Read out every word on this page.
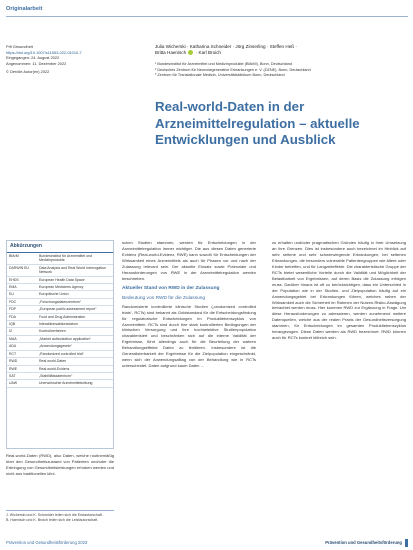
Originalarbeit
Prfl Gesundheit
https://doi.org/10.1007/s11553-022-01010-7
Eingegangen: 24. August 2022
Angenommen: 11. Dezember 2022
© Der/die Autor(en) 2022
Julia Wicherski · Katharina Schneider · Jörg Zinserling · Steffen Heß ·
Britta Haenisch · Karl Broich
¹ Bundesinstitut für Arzneimittel und Medizinprodukte (BfArM), Bonn, Deutschland
² Deutsches Zentrum für Neurodegenerative Erkrankungen e. V. (DZNE), Bonn, Deutschland
³ Zentrum für Translationale Medizin, Universitätsklinikum Bonn, Deutschland
Real-world-Daten in der Arzneimittelregulation – aktuelle Entwicklungen und Ausblick
Abkürzungen
BfArM	Bundesinstitut für Arzneimittel und Medizinprodukte
DARWIN EU	Data Analysis and Real World Interrogation Network
EHDS	European Health Data Space
EMA	European Medicines Agency
EU	Europäische Union
FDC	„Forschungsdatenzentrum“
FDP	„European public assessment report“
FDA	Food and Drug Administration
IQB	Interaktionsaktionsdatum
IZ	Kontrollverfahren
MAA	„Market authorization application“
ADA	„Anwendungsgesetz“
RCT	„Randomized controlled trial“
RWD	Real-world-Daten
RWE	Real-world-Evidenz
SAT	„Stabilitätsdatenhorn“
UAW	Unerwünschte Arzneimittelwirkung

Real-world-Daten (RWD), also Daten, welche routinemäßig über den Gesundheitszustand von Patienten und/oder die Erbringung von Gesundheitsleistungen erhoben werden und nicht aus traditionellen klini-

J. Wicherski und K. Schneider teilen sich die Erstautorschaft.
B. Haenisch und K. Broich teilen sich die Letztautorschaft.

schen Studien stammen, werden für Entscheidungen in der Arzneimittelregulation immer wichtiger. Die aus diesen Daten generierte Evidenz (Real-world-Evidenz, RWE) kann sowohl für Entscheidungen der Wirksamkeit eines Arzneimittels als auch für Phasen vor und nach der Zulassung relevant sein. Der aktuelle Einsatz sowie Potenziale und Herausforderungen von RWE in der Arzneimittelregulation werden beschrieben.

Aktueller Stand von RWD in der Zulassung
Bedeutung von RWD für die Zulassung

Randomisierte kontrollierte klinische Studien („randomized controlled trials“, RCTs) sind bekannt als Goldstandard für die Entscheidungsfindung für regulatorische Entscheidungen im Produktlebenszyklus von Arzneimitteln. RCTs sind durch ihre stark kontrollierten Bedingungen der klinischen Versorgung und ihre hochselektive Studienpopulation charakterisiert und beschränken sich auf die interne Validität der Ergebnisse, führt allerdings auch für die Beurteilung der wahren Behandlungseffekte Daten zu limitieren. Insbesondere ist die Generalisierbarkeit der Ergebnisse für die Zielpopulation eingeschränkt, wenn sich der Anwendungsalltag von der Behandlung wie in RCTs unterscheidet. Daten aufgrund kaum Daten ...

zu erhalten und/oder pragmatischen Gründen häufig in ihrer Umsetzung an ihre Grenzen. Dies ist insbesondere auch bezeichnet im Hinblick auf sehr seltene und sehr schwerwiegende Erkrankungen, bei seltenen Erkrankungen, die besonders vulnerable Patientengruppen wie ältere oder Kinder betreffen, und für Langzeiteffekte. Die charakteristische Gruppe der RCTs bietet wesentliche Vorteile durch die Validität und Möglichkeit der Belastbarkeit von Ergebnissen, auf deren Basis die Zulassung erfolgen muss. Darüber hinaus ist oft zu berücksichtigen, dass ein Unterschied in der Population wie in der Studien- und Zielpopulation häufig auf ein Anwendungsgebiet bei Erkrankungen führen, welches neben der Wirksamkeit auch die Sicherheit im Rahmen der Nutzen-Risiko-Abwägung betrachtet werden muss. Hier kommen RWD zur Ergänzung in Frage. Um diese Herausforderungen zu adressieren, werden zunehmend weitere Datenquellen, welche aus der realen Praxis der Gesundheitsversorgung stammen, für Entscheidungen im gesamten Produktlebenszyklus herangezogen. Diese Daten werden als RWD bezeichnet. RWD können auch für RCTs konkret hilfreich sein.

Prävention und Gesundheitsförderung 2023	Prävention und Gesundheitsförderung
